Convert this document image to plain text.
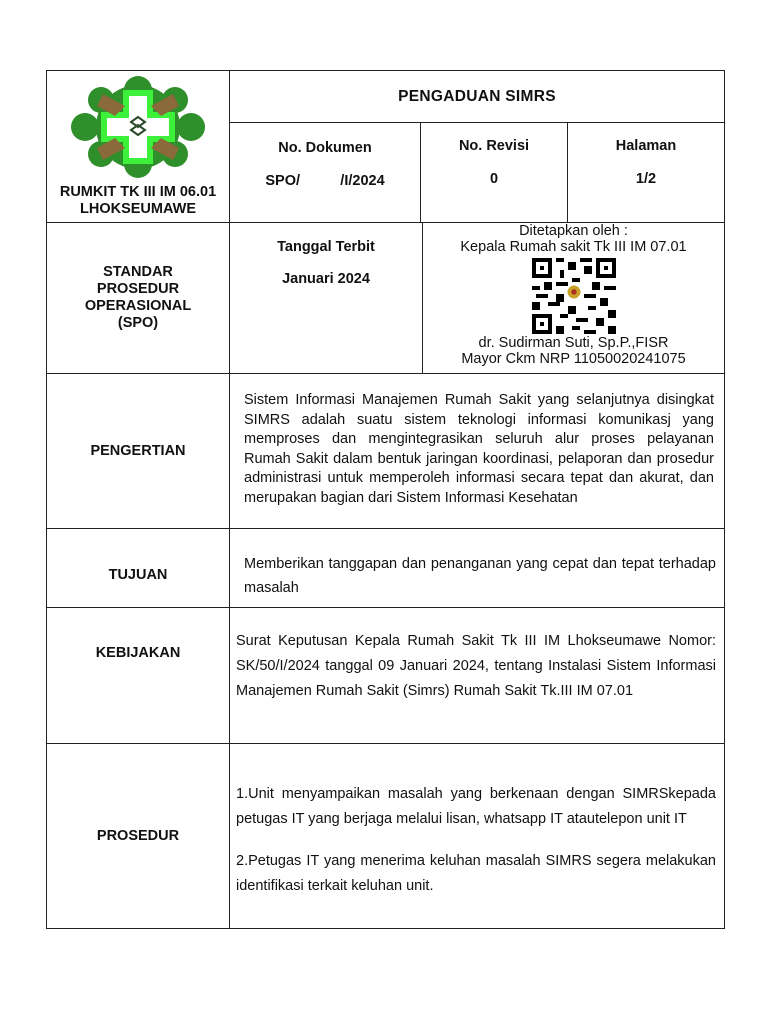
RUMKIT TK III IM 06.01
LHOKSEUMAWE
PENGADUAN SIMRS
No. Dokumen
SPO/          /I/2024
No. Revisi
0
Halaman
1/2
STANDAR
PROSEDUR
OPERASIONAL
(SPO)
Tanggal Terbit
Januari 2024
Ditetapkan oleh :
Kepala Rumah sakit Tk III IM 07.01
dr. Sudirman Suti, Sp.P.,FISR
Mayor Ckm NRP 11050020241075
PENGERTIAN
Sistem Informasi Manajemen Rumah Sakit yang selanjutnya disingkat SIMRS adalah suatu sistem teknologi informasi komunikasj yang memproses dan mengintegrasikan seluruh alur proses pelayanan Rumah Sakit dalam bentuk jaringan koordinasi, pelaporan dan prosedur administrasi untuk memperoleh informasi secara tepat dan akurat, dan merupakan bagian dari Sistem Informasi Kesehatan
TUJUAN
Memberikan tanggapan dan penanganan yang cepat dan tepat terhadap masalah
KEBIJAKAN
Surat Keputusan Kepala Rumah Sakit Tk III IM Lhokseumawe Nomor: SK/50/I/2024 tanggal 09 Januari 2024, tentang Instalasi Sistem Informasi Manajemen Rumah Sakit (Simrs) Rumah Sakit Tk.III IM 07.01
PROSEDUR
1.Unit menyampaikan masalah yang berkenaan dengan SIMRSkepada petugas IT yang berjaga melalui lisan, whatsapp IT ataute​lepon unit IT
2.Petugas IT yang menerima keluhan masalah SIMRS segera melakukan identifikasi terkait keluhan unit.
